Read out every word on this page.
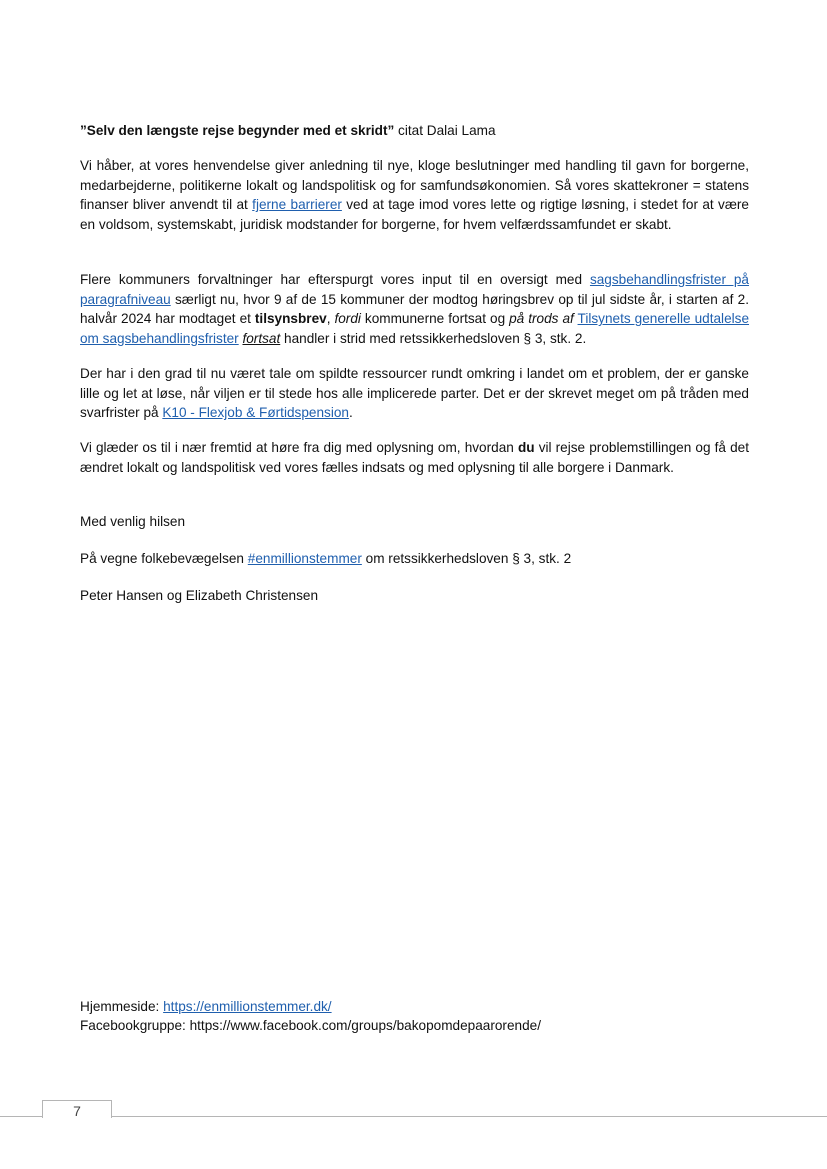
”Selv den længste rejse begynder med et skridt” citat Dalai Lama

Vi håber, at vores henvendelse giver anledning til nye, kloge beslutninger med handling til gavn for borgerne, medarbejderne, politikerne lokalt og landspolitisk og for samfundsøkonomien. Så vores skattekroner = statens finanser bliver anvendt til at fjerne barrierer ved at tage imod vores lette og rigtige løsning, i stedet for at være en voldsom, systemskabt, juridisk modstander for borgerne, for hvem velfærdssamfundet er skabt.

Flere kommuners forvaltninger har efterspurgt vores input til en oversigt med sagsbehandlingsfrister på paragrafniveau særligt nu, hvor 9 af de 15 kommuner der modtog høringsbrev op til jul sidste år, i starten af 2. halvår 2024 har modtaget et tilsynsbrev, fordi kommunerne fortsat og på trods af Tilsynets generelle udtalelse om sagsbehandlingsfrister fortsat handler i strid med retssikkerhedsloven § 3, stk. 2.

Der har i den grad til nu været tale om spildte ressourcer rundt omkring i landet om et problem, der er ganske lille og let at løse, når viljen er til stede hos alle implicerede parter. Det er der skrevet meget om på tråden med svarfrister på K10 - Flexjob & Førtidspension.

Vi glæder os til i nær fremtid at høre fra dig med oplysning om, hvordan du vil rejse problemstillingen og få det ændret lokalt og landspolitisk ved vores fælles indsats og med oplysning til alle borgere i Danmark.

Med venlig hilsen
På vegne folkebevægelsen #enmillionstemmer om retssikkerhedsloven § 3, stk. 2
Peter Hansen og Elizabeth Christensen
Hjemmeside: https://enmillionstemmer.dk/
Facebookgruppe: https://www.facebook.com/groups/bakopomdepaarorende/
7
